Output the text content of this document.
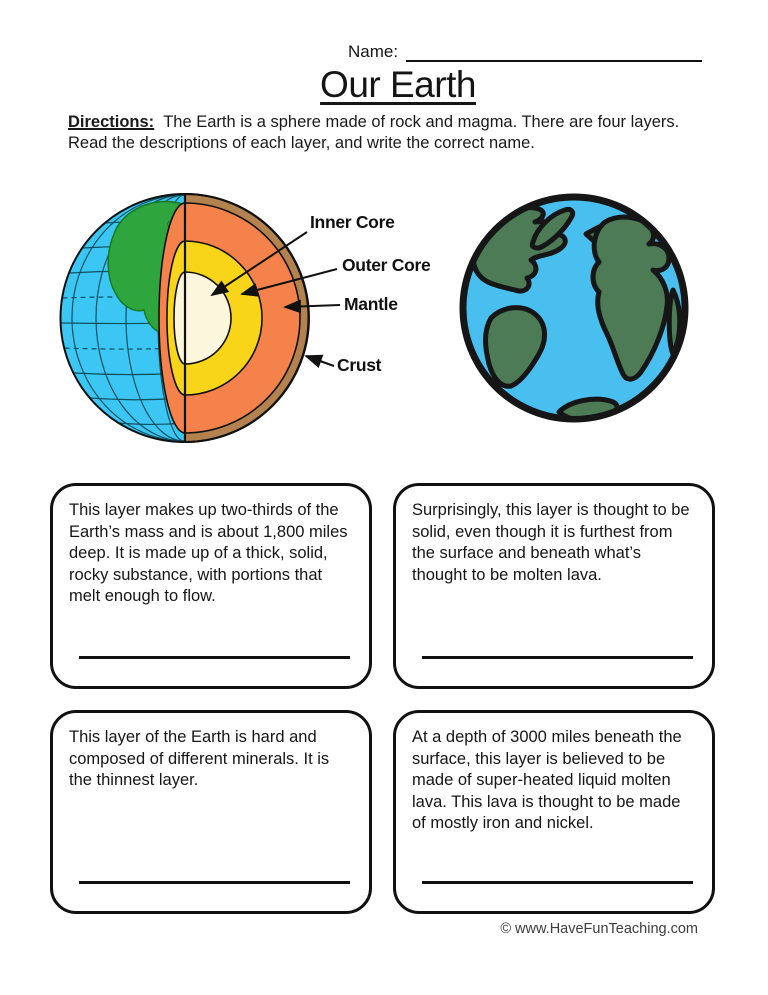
Name:
Our Earth
Directions: The Earth is a sphere made of rock and magma. There are four layers. Read the descriptions of each layer, and write the correct name.
Inner Core
Outer Core
Mantle
Crust
This layer makes up two-thirds of the Earth’s mass and is about 1,800 miles deep. It is made up of a thick, solid, rocky substance, with portions that melt enough to flow.
Surprisingly, this layer is thought to be solid, even though it is furthest from the surface and beneath what’s thought to be molten lava.
This layer of the Earth is hard and composed of different minerals. It is the thinnest layer.
At a depth of 3000 miles beneath the surface, this layer is believed to be made of super-heated liquid molten lava. This lava is thought to be made of mostly iron and nickel.
© www.HaveFunTeaching.com
